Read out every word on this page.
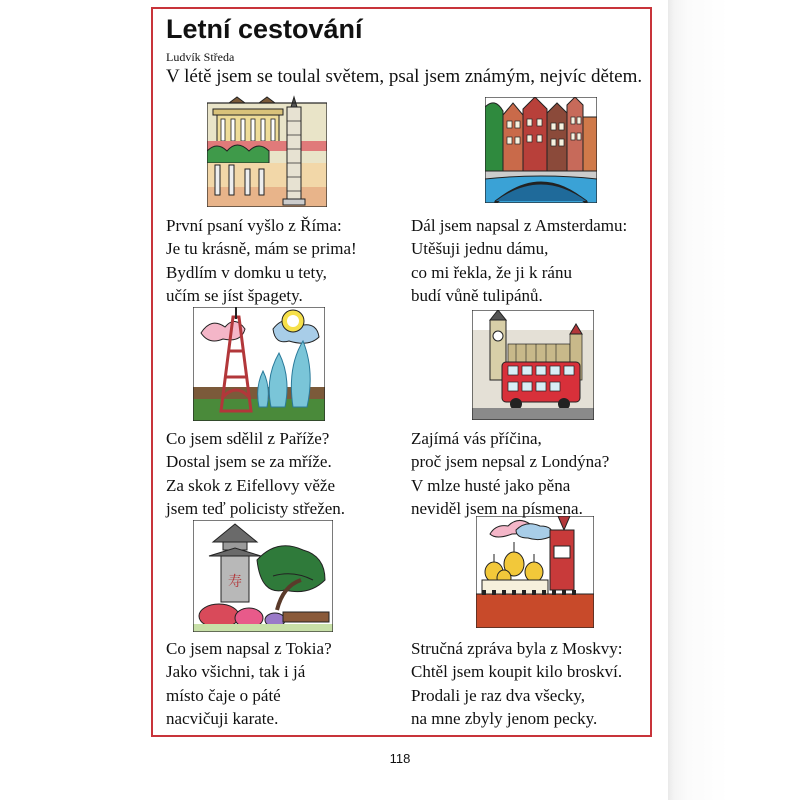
Letní cestování
Ludvík Středa
V létě jsem se toulal světem, psal jsem známým, nejvíc dětem.
寿
První psaní vyšlo z Říma:
Je tu krásně, mám se prima!
Bydlím v domku u tety,
učím se jíst špagety.
Dál jsem napsal z Amsterdamu:
Utěšuji jednu dámu,
co mi řekla, že ji k ránu
budí vůně tulipánů.
Co jsem sdělil z Paříže?
Dostal jsem se za mříže.
Za skok z Eifellovy věže
jsem teď policisty střežen.
Zajímá vás příčina,
proč jsem nepsal z Londýna?
V mlze husté jako pěna
neviděl jsem na písmena.
Co jsem napsal z Tokia?
Jako všichni, tak i já
místo čaje o páté
nacvičuji karate.
Stručná zpráva byla z Moskvy:
Chtěl jsem koupit kilo broskví.
Prodali je raz dva všecky,
na mne zbyly jenom pecky.
118
